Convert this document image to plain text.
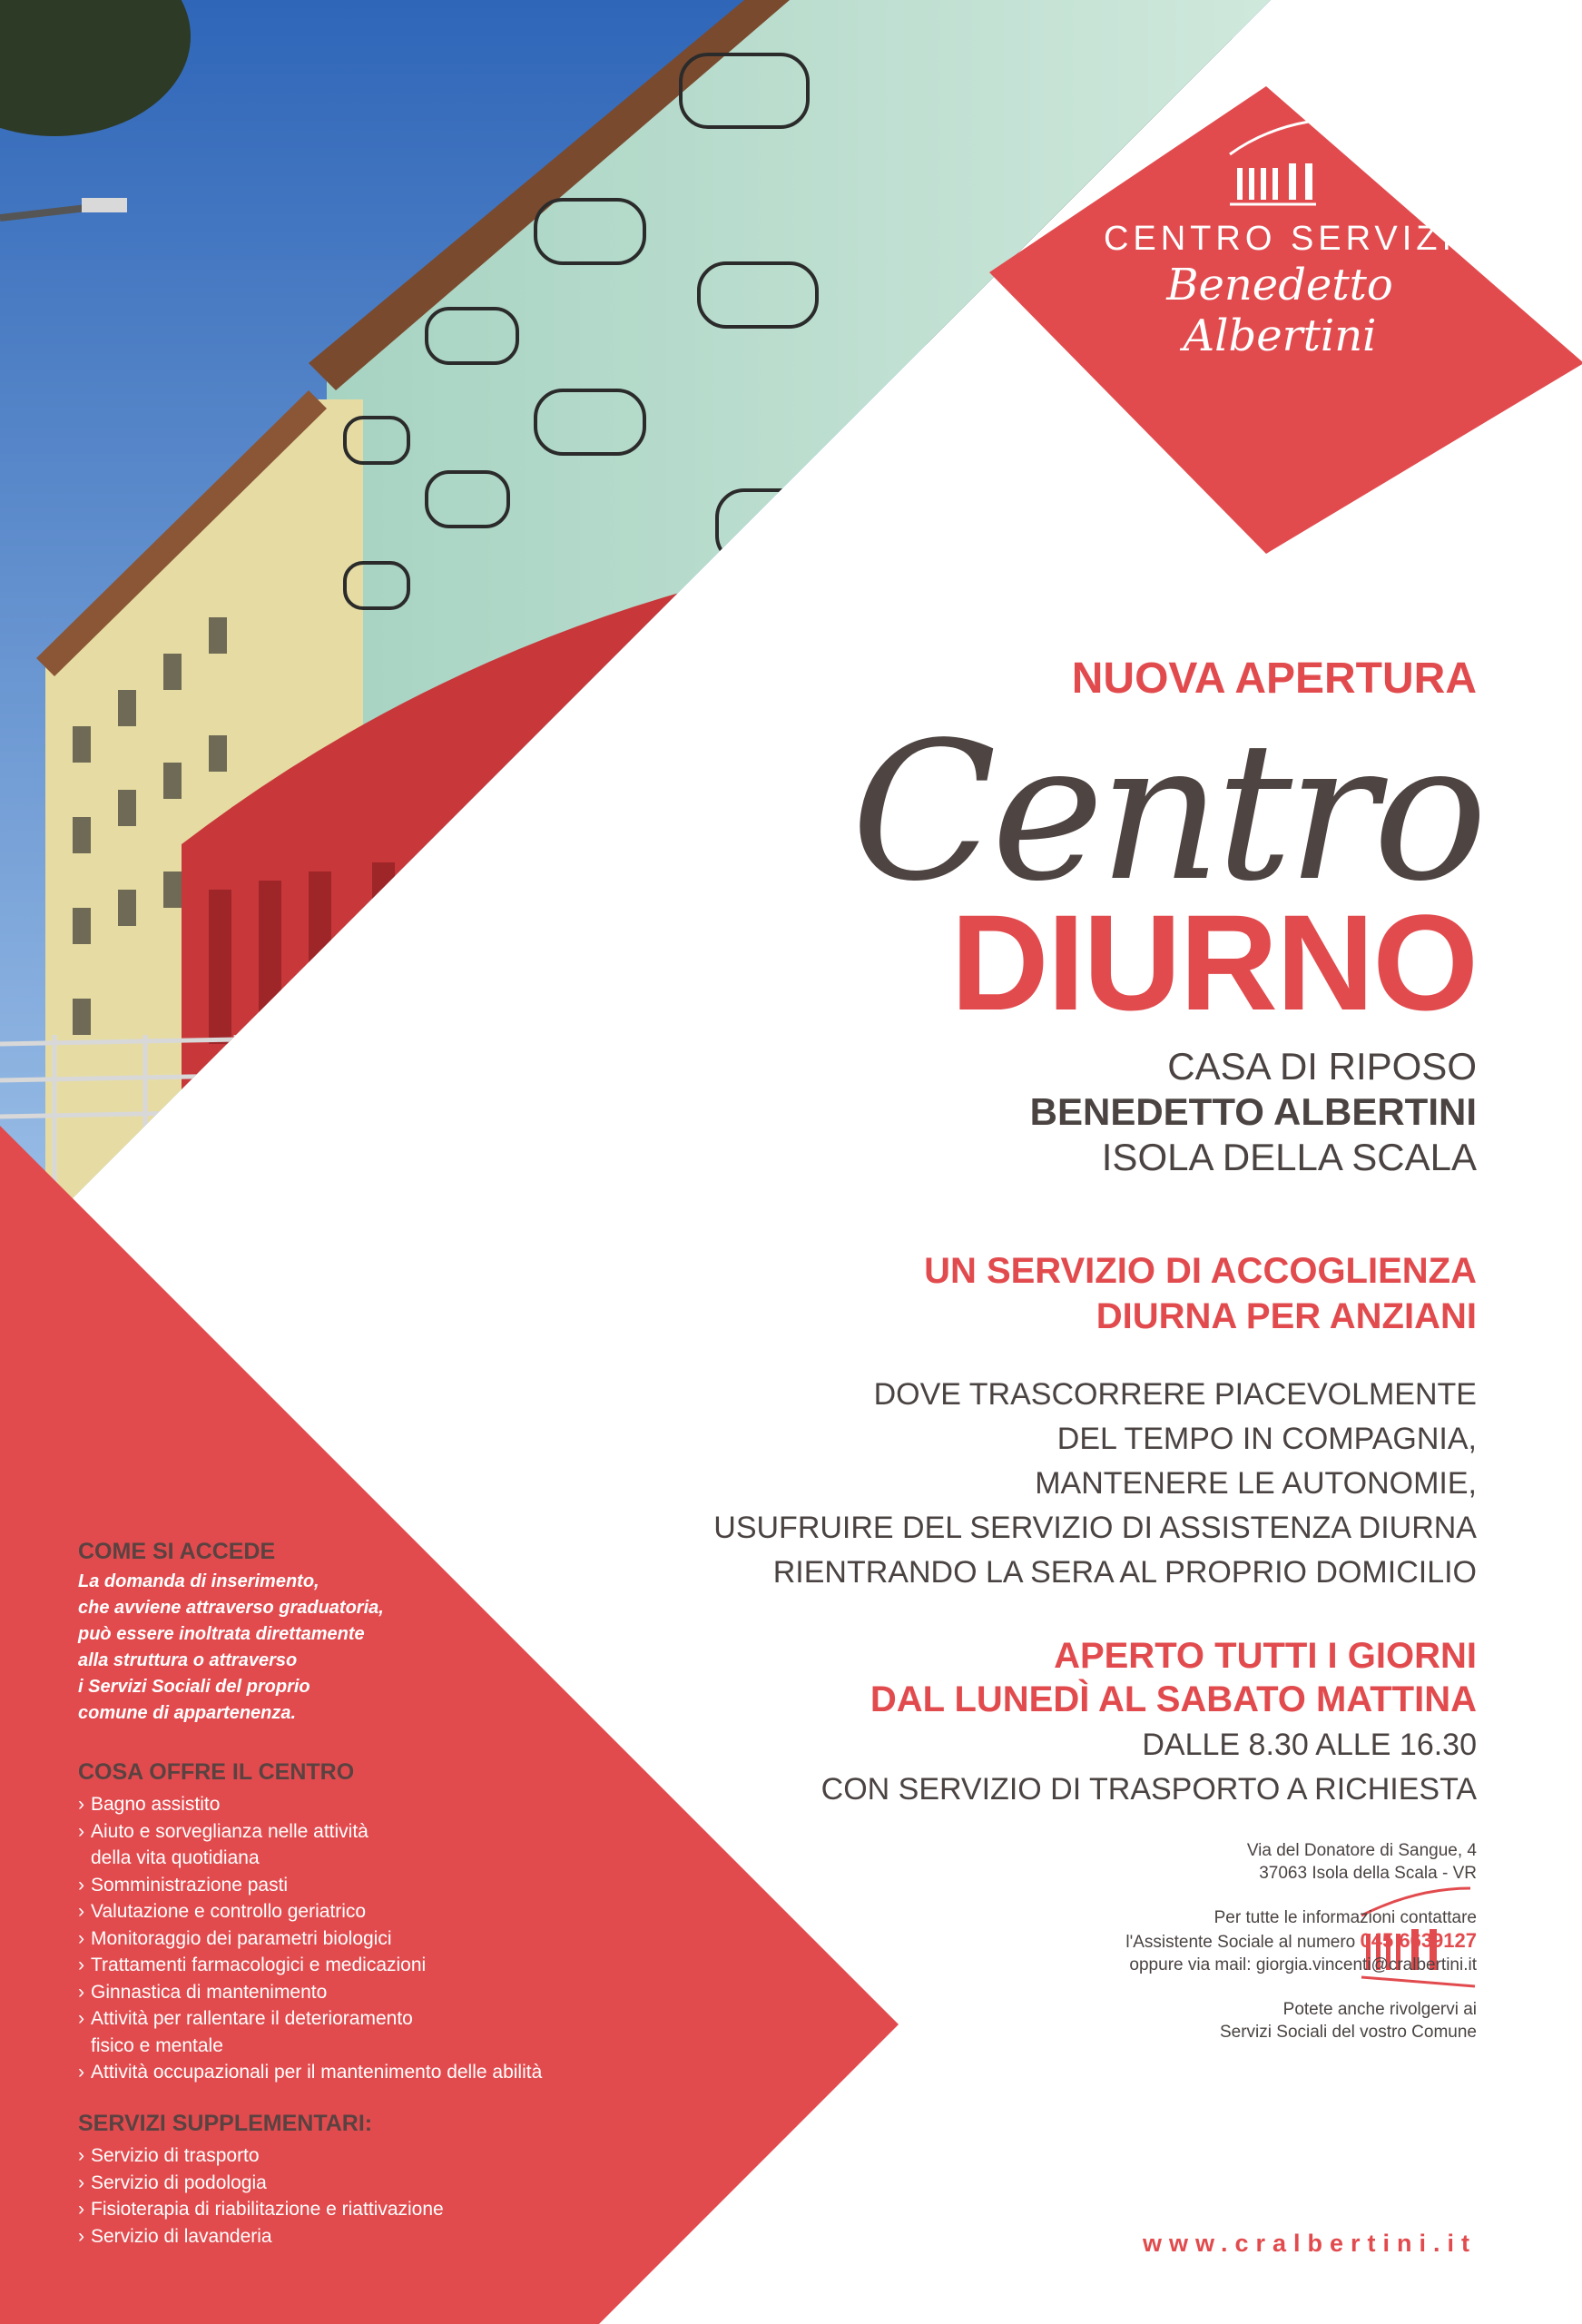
CENTRO SERVIZI
Benedetto Albertini
NUOVA APERTURA
Centro
DIURNO
CASA DI RIPOSO
BENEDETTO ALBERTINI
ISOLA DELLA SCALA
UN SERVIZIO DI ACCOGLIENZA
DIURNA PER ANZIANI
DOVE TRASCORRERE PIACEVOLMENTE
DEL TEMPO IN COMPAGNIA,
MANTENERE LE AUTONOMIE,
USUFRUIRE DEL SERVIZIO DI ASSISTENZA DIURNA
RIENTRANDO LA SERA AL PROPRIO DOMICILIO
APERTO TUTTI I GIORNI
DAL LUNEDÌ AL SABATO MATTINA
DALLE 8.30 ALLE 16.30
CON SERVIZIO DI TRASPORTO A RICHIESTA
Via del Donatore di Sangue, 4
37063 Isola della Scala - VR
Per tutte le informazioni contattare
l'Assistente Sociale al numero 045 6639127
oppure via mail: giorgia.vincenti@cralbertini.it
Potete anche rivolgervi ai
Servizi Sociali del vostro Comune
www.cralbertini.it

COME SI ACCEDE

La domanda di inserimento,
che avviene attraverso graduatoria,
può essere inoltrata direttamente
alla struttura o attraverso
i Servizi Sociali del proprio
comune di appartenenza.

COSA OFFRE IL CENTRO

› Bagno assistito
› Aiuto e sorveglianza nelle attività
della vita quotidiana
› Somministrazione pasti
› Valutazione e controllo geriatrico
› Monitoraggio dei parametri biologici
› Trattamenti farmacologici e medicazioni
› Ginnastica di mantenimento
› Attività per rallentare il deterioramento
fisico e mentale
› Attività occupazionali per il mantenimento delle abilità

SERVIZI SUPPLEMENTARI:

› Servizio di trasporto
› Servizio di podologia
› Fisioterapia di riabilitazione e riattivazione
› Servizio di lavanderia
